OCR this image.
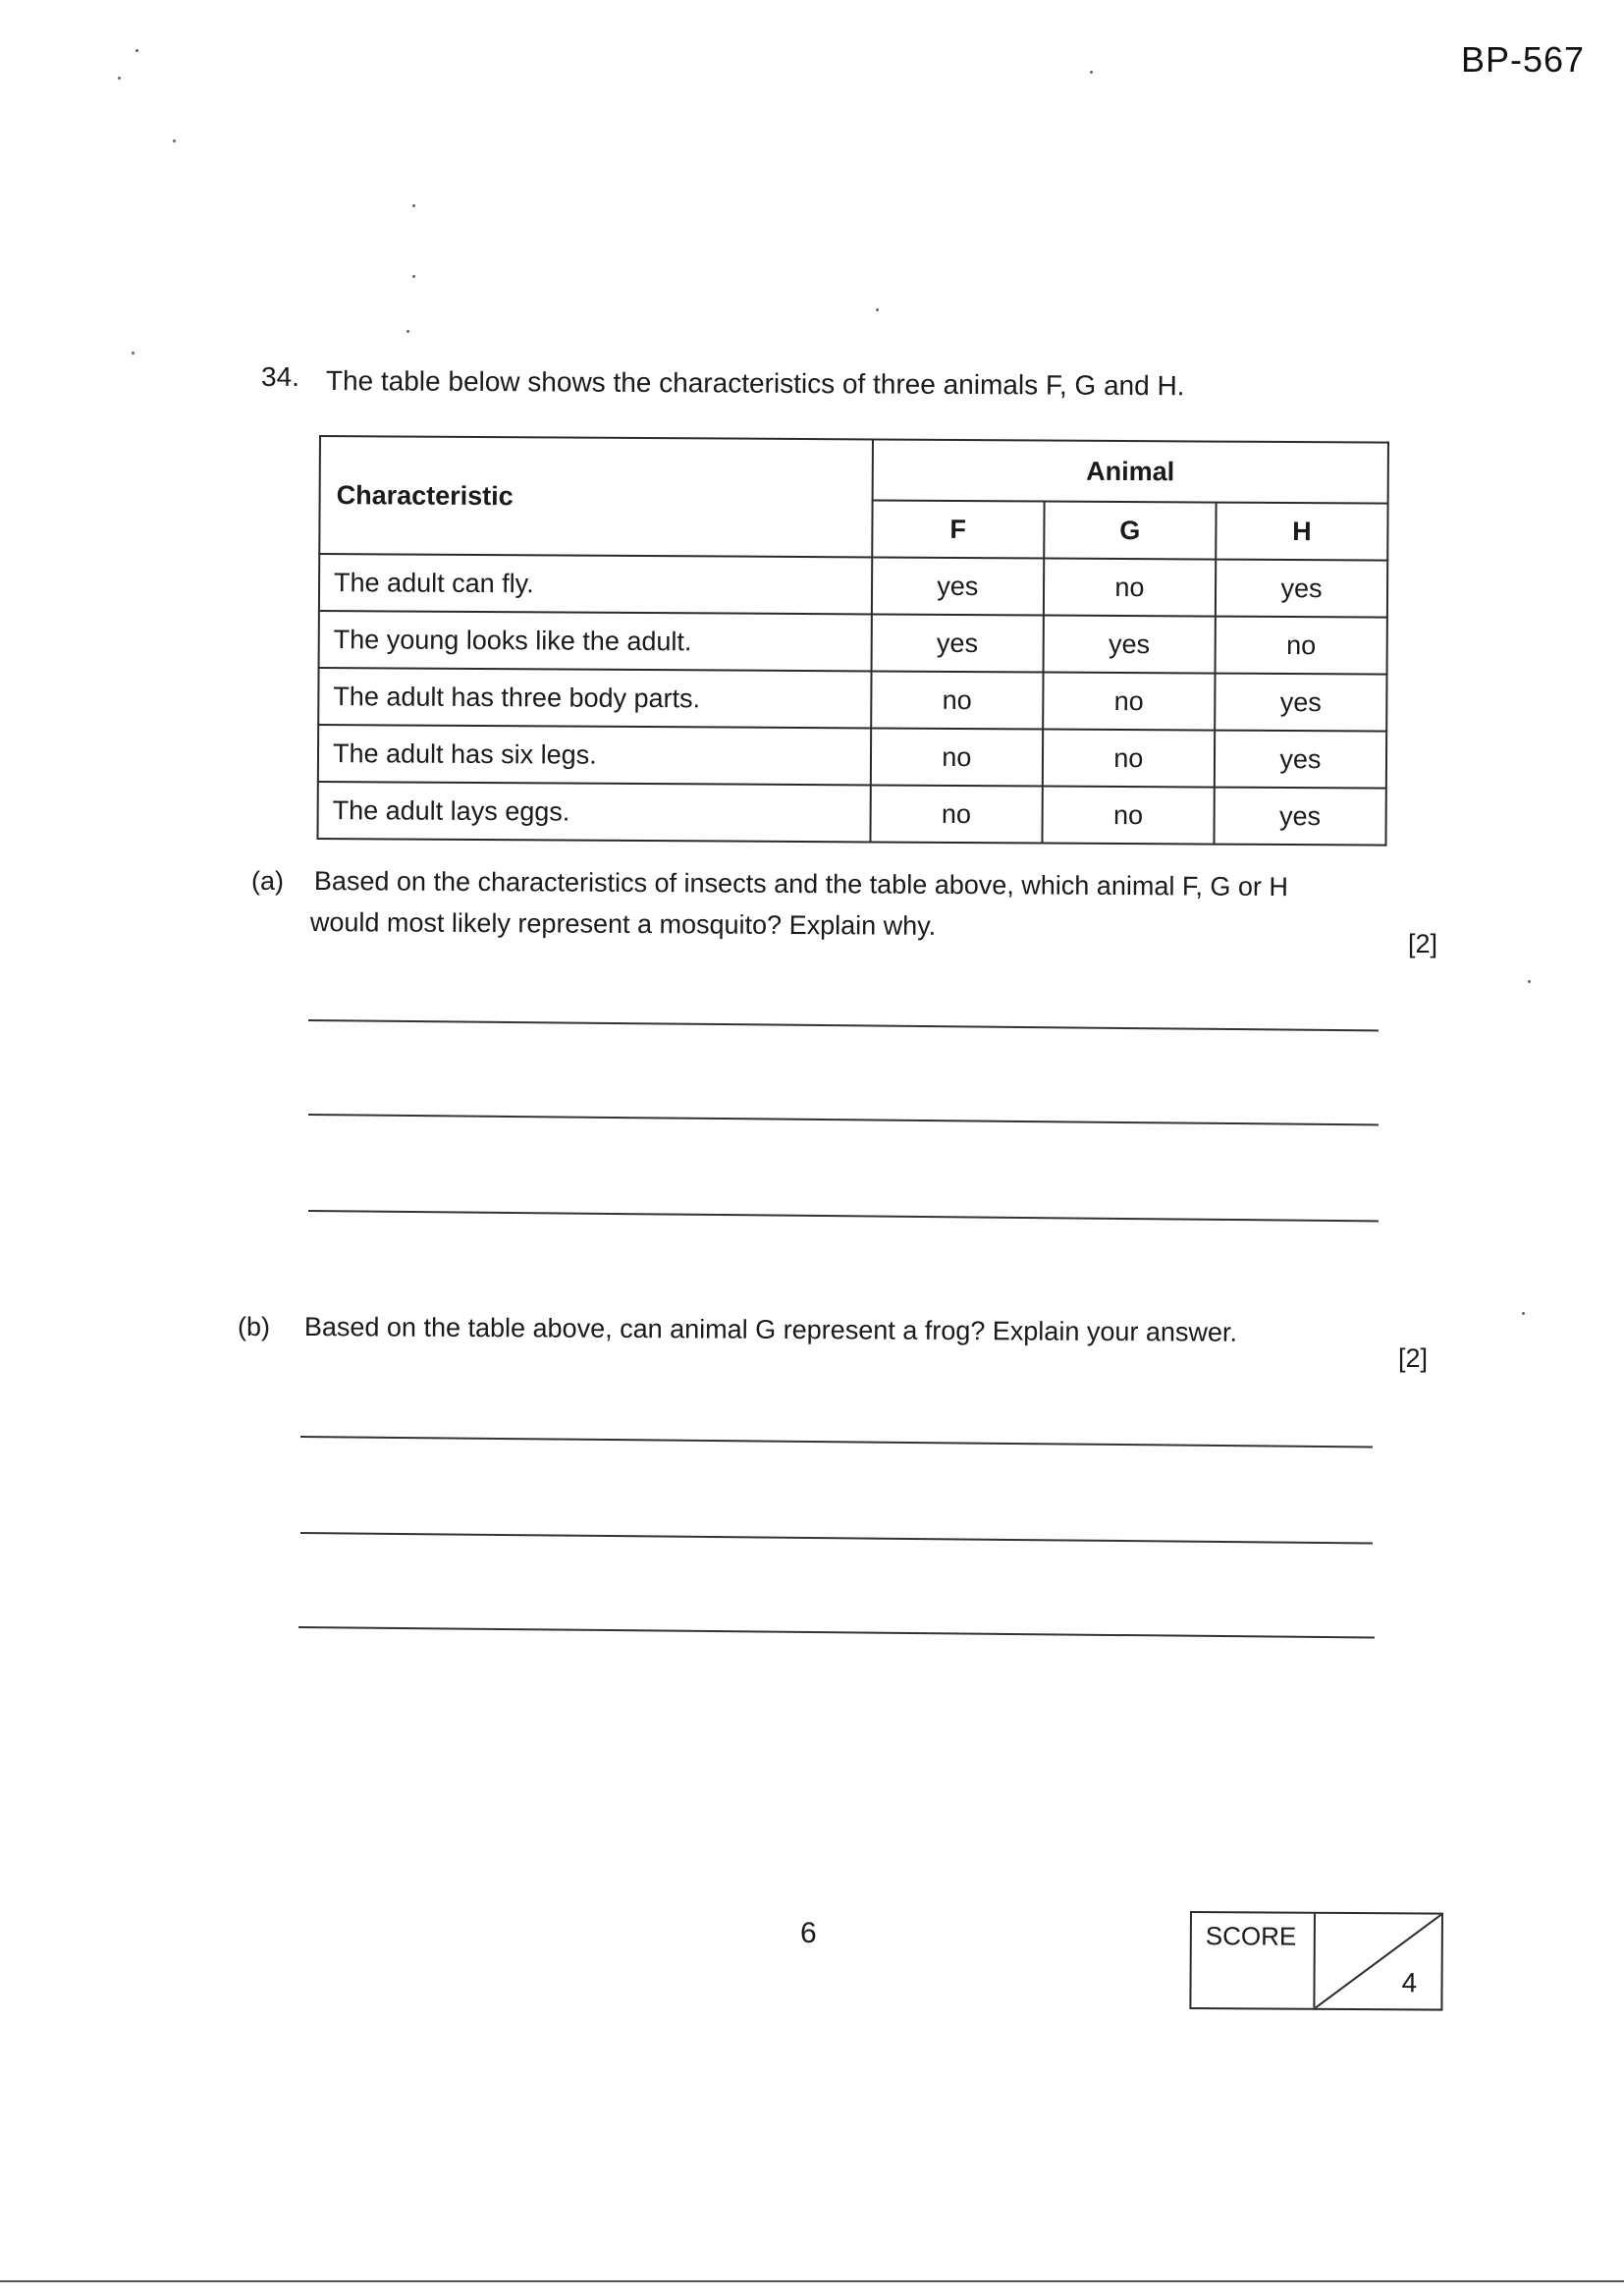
BP-567
34. The table below shows the characteristics of three animals F, G and H.
Characteristic	Animal		
	F	G	H
The adult can fly.	yes	no	yes
The young looks like the adult.	yes	yes	no
The adult has three body parts.	no	no	yes
The adult has six legs.	no	no	yes
The adult lays eggs.	no	no	yes
(a) Based on the characteristics of insects and the table above, which animal F, G or H
would most likely represent a mosquito? Explain why.
[2]
(b) Based on the table above, can animal G represent a frog? Explain your answer.
[2]
6	SCORE
4
